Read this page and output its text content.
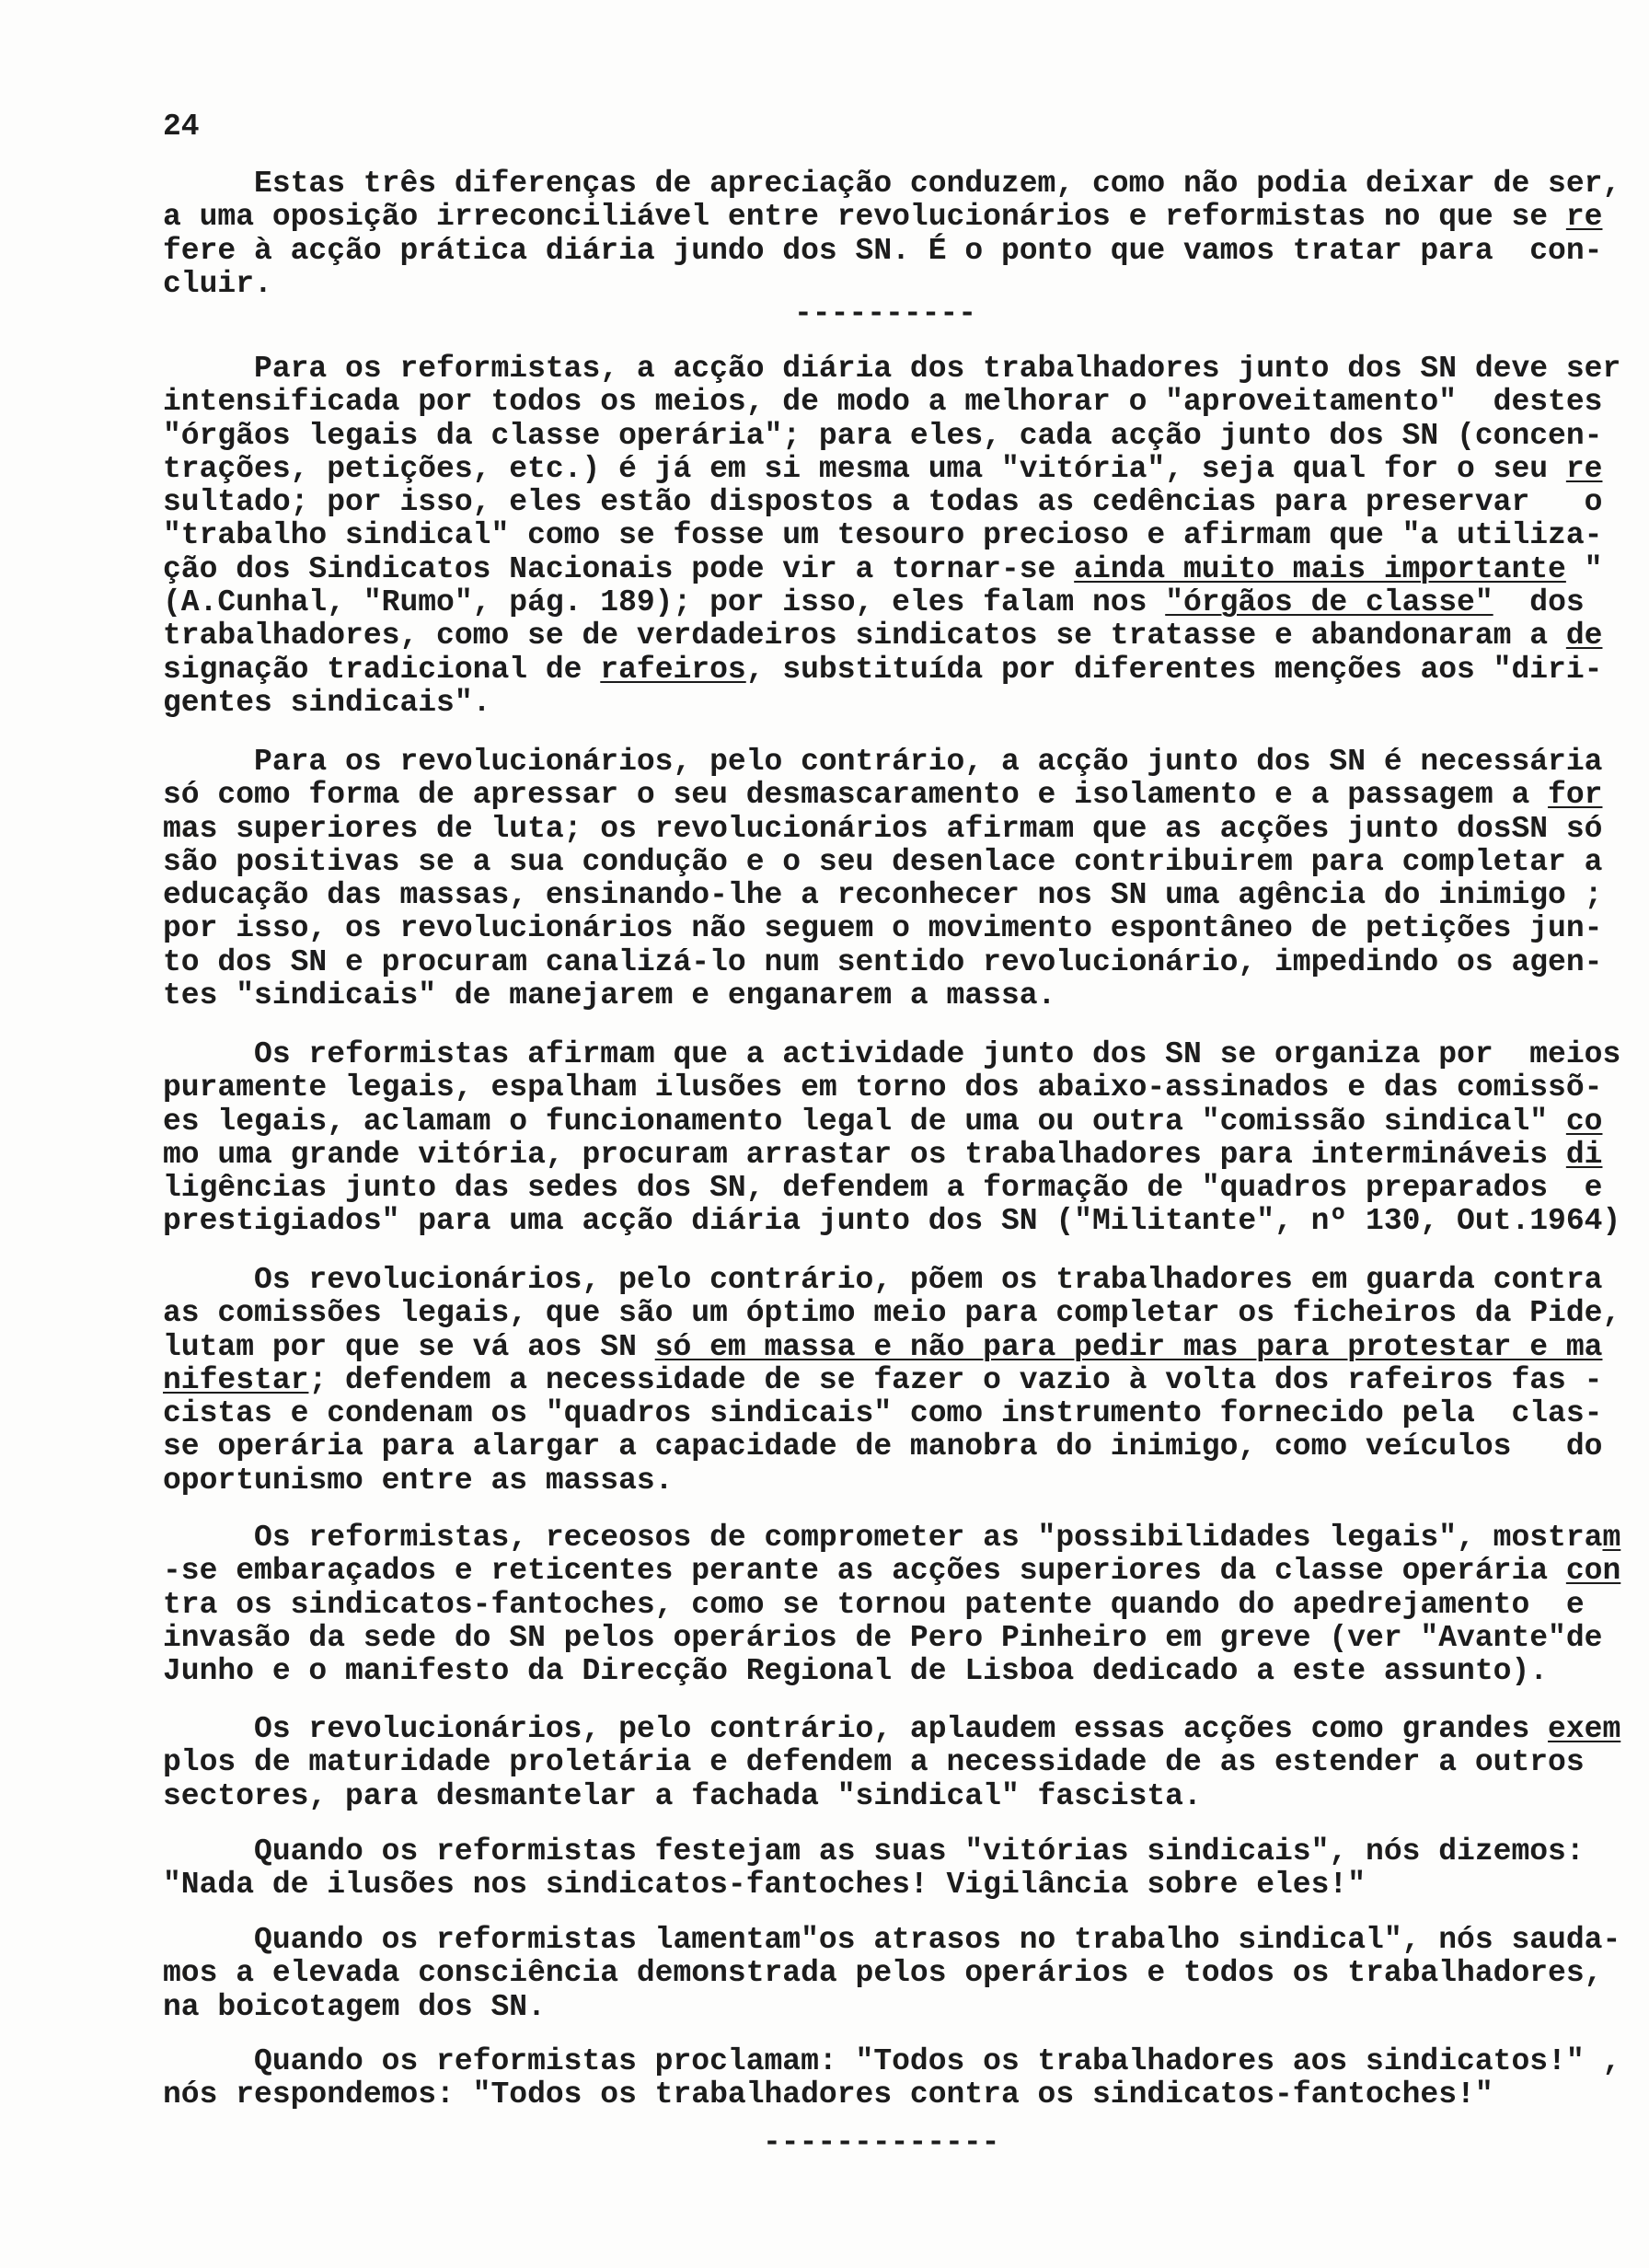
24
Estas três diferenças de apreciação conduzem, como não podia deixar de ser,
a uma oposição irreconciliável entre revolucionários e reformistas no que se re
fere à acção prática diária jundo dos SN. É o ponto que vamos tratar para  con-
cluir.
----------
Para os reformistas, a acção diária dos trabalhadores junto dos SN deve ser
intensificada por todos os meios, de modo a melhorar o "aproveitamento"  destes
"órgãos legais da classe operária"; para eles, cada acção junto dos SN (concen-
trações, petições, etc.) é já em si mesma uma "vitória", seja qual for o seu re
sultado; por isso, eles estão dispostos a todas as cedências para preservar   o
"trabalho sindical" como se fosse um tesouro precioso e afirmam que "a utiliza-
ção dos Sindicatos Nacionais pode vir a tornar-se ainda muito mais importante "
(A.Cunhal, "Rumo", pág. 189); por isso, eles falam nos "órgãos de classe"  dos
trabalhadores, como se de verdadeiros sindicatos se tratasse e abandonaram a de
signação tradicional de rafeiros, substituída por diferentes menções aos "diri-
gentes sindicais".
Para os revolucionários, pelo contrário, a acção junto dos SN é necessária
só como forma de apressar o seu desmascaramento e isolamento e a passagem a for
mas superiores de luta; os revolucionários afirmam que as acções junto dosSN só
são positivas se a sua condução e o seu desenlace contribuirem para completar a
educação das massas, ensinando-lhe a reconhecer nos SN uma agência do inimigo ;
por isso, os revolucionários não seguem o movimento espontâneo de petições jun-
to dos SN e procuram canalizá-lo num sentido revolucionário, impedindo os agen-
tes "sindicais" de manejarem e enganarem a massa.
Os reformistas afirmam que a actividade junto dos SN se organiza por  meios
puramente legais, espalham ilusões em torno dos abaixo-assinados e das comissõ-
es legais, aclamam o funcionamento legal de uma ou outra "comissão sindical" co
mo uma grande vitória, procuram arrastar os trabalhadores para intermináveis di
ligências junto das sedes dos SN, defendem a formação de "quadros preparados  e
prestigiados" para uma acção diária junto dos SN ("Militante", nº 130, Out.1964)
Os revolucionários, pelo contrário, põem os trabalhadores em guarda contra
as comissões legais, que são um óptimo meio para completar os ficheiros da Pide,
lutam por que se vá aos SN só em massa e não para pedir mas para protestar e ma
nifestar; defendem a necessidade de se fazer o vazio à volta dos rafeiros fas -
cistas e condenam os "quadros sindicais" como instrumento fornecido pela  clas-
se operária para alargar a capacidade de manobra do inimigo, como veículos   do
oportunismo entre as massas.
Os reformistas, receosos de comprometer as "possibilidades legais", mostram
-se embaraçados e reticentes perante as acções superiores da classe operária con
tra os sindicatos-fantoches, como se tornou patente quando do apedrejamento  e
invasão da sede do SN pelos operários de Pero Pinheiro em greve (ver "Avante"de
Junho e o manifesto da Direcção Regional de Lisboa dedicado a este assunto).
Os revolucionários, pelo contrário, aplaudem essas acções como grandes exem
plos de maturidade proletária e defendem a necessidade de as estender a outros
sectores, para desmantelar a fachada "sindical" fascista.
Quando os reformistas festejam as suas "vitórias sindicais", nós dizemos:
"Nada de ilusões nos sindicatos-fantoches! Vigilância sobre eles!"
Quando os reformistas lamentam"os atrasos no trabalho sindical", nós sauda-
mos a elevada consciência demonstrada pelos operários e todos os trabalhadores,
na boicotagem dos SN.
Quando os reformistas proclamam: "Todos os trabalhadores aos sindicatos!" ,
nós respondemos: "Todos os trabalhadores contra os sindicatos-fantoches!"
-------------
